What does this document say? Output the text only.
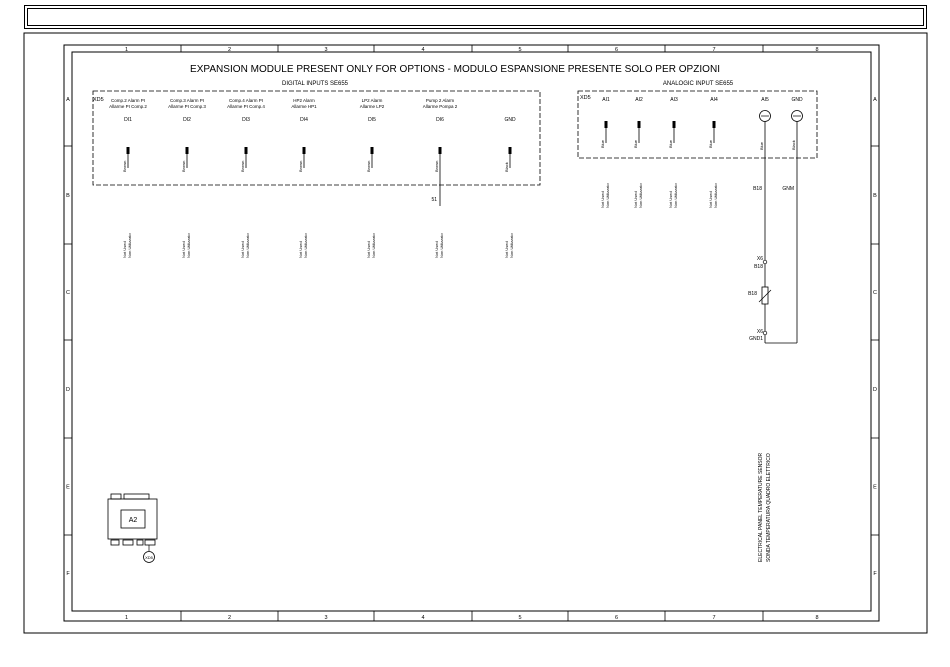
1
1
2
2
3
3
4
4
5
5
6
6
7
7
8
8
A	A
B	B
C	C
D	D
E	E
F	F
EXPANSION MODULE PRESENT ONLY FOR OPTIONS - MODULO ESPANSIONE PRESENTE SOLO PER OPZIONI
DIGITAL INPUTS SE655
XD5 Comp.2 Alarm PI
Allarme PI Comp.2
DI1
Brown
Not Used Non Utilizzato
Comp.3 Alarm PI
Allarme PI Comp.3
DI2
Brown
Not Used Non Utilizzato
Comp.4 Alarm PI
Allarme PI Comp.4
DI3
Brown
Not Used Non Utilizzato
HP2 Alarm
Allarme HP1
DI4
Brown
Not Used Non Utilizzato
LP2 Alarm
Allarme LP2
DI5
Brown
Not Used Non Utilizzato
Pump 2 Alarm
Allarme Pompa 2
DI6
Brown
Not Used Non Utilizzato
GND
Black
Not Used Non Utilizzato
51
ANALOGIC INPUT SE655
XD5 AI1
Blue
Not Used Non Utilizzato
AI2
Blue
Not Used Non Utilizzato
AI3
Blue
Not Used Non Utilizzato
AI4
Blue
Not Used Non Utilizzato
AI5
Blue
GND
Black
B18	GNM
X6
B18
B18
X6
GND1
ELECTRICAL PANEL TEMPERATURE SENSOR SONDA TEMPERATURA QUADRO ELETTRICO
A2
XD5
